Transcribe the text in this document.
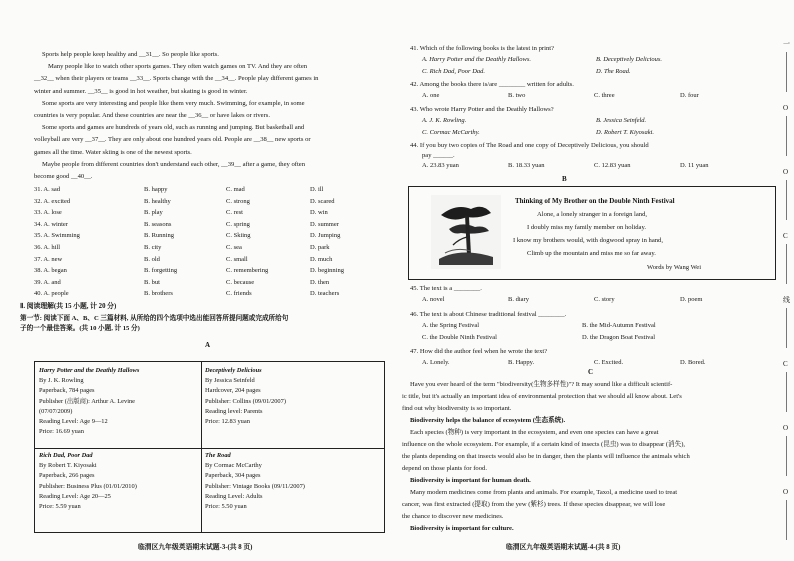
Sports help people keep healthy and __31__. So people like sports.
Many people like to watch other sports games. They often watch games on TV. And they are often
__32__ when their players or teams __33__. Sports change with the __34__. People play different games in
winter and summer. __35__ is good in hot weather, but skating is good in winter.
Some sports are very interesting and people like them very much. Swimming, for example, in some
countries is very popular. And these countries are near the __36__ or have lakes or rivers.
Some sports and games are hundreds of years old, such as running and jumping. But basketball and
volleyball are very __37__. They are only about one hundred years old. People are __38__ new sports or
games all the time. Water skiing is one of the newest sports.
Maybe people from different countries don't understand each other, __39__ after a game, they often
become good __40__.
31. A. sad	B. happy	C. mad	D. ill
32. A. excited	B. healthy	C. strong	D. scared
33. A. lose	B. play	C. rest	D. win
34. A. winter	B. seasons	C. spring	D. summer
35. A. Swimming	B. Running	C. Skiing	D. Jumping
36. A. hill	B. city	C. sea	D. park
37. A. new	B. old	C. small	D. much
38. A. began	B. forgetting	C. remembering	D. beginning
39. A. and	B. but	C. because	D. then
40. A. people	B. brothers	C. friends	D. teachers
Ⅱ. 阅读理解(共 15 小题, 计 20 分)
第一节: 阅读下面 A、B、C 三篇材料, 从所给的四个选项中选出能回答所提问题或完成所给句
子的一个最佳答案。(共 10 小题, 计 15 分)
A
Harry Potter and the Deathly Hallows
By J. K. Rowling
Paperback, 784 pages
Publisher (出版商): Arthur A. Levine
(07/07/2009)
Reading Level: Age 9—12
Price: 16.69 yuan
Deceptively Delicious
By Jessica Seinfeld
Hardcover, 204 pages
Publisher: Collins (09/01/2007)
Reading level: Parents
Price: 12.83 yuan
Rich Dad, Poor Dad
By Robert T. Kiyosaki
Paperback, 266 pages
Publisher: Business Plus (01/01/2010)
Reading Level: Age 20—25
Price: 5.59 yuan
The Road
By Cormac McCarthy
Paperback, 304 pages
Publisher: Vintage Books (09/11/2007)
Reading Level: Adults
Price: 5.50 yuan
临渭区九年级英语期末试题-3-(共 8 页)
41. Which of the following books is the latest in print?
A. Harry Potter and the Deathly Hallows.	B. Deceptively Delicious.
C. Rich Dad, Poor Dad.	D. The Road.
42. Among the books there is/are ________ written for adults.
A. one	B. two	C. three	D. four
43. Who wrote Harry Potter and the Deathly Hallows?
A. J. K. Rowling.	B. Jessica Seinfeld.
C. Cormac McCarthy.	D. Robert T. Kiyosaki.
44. If you buy two copies of The Road and one copy of Deceptively Delicious, you should
pay ______.
A. 23.83 yuan	B. 18.33 yuan	C. 12.83 yuan	D. 11 yuan
B
Thinking of My Brother on the Double Ninth Festival
Alone, a lonely stranger in a foreign land,
I doubly miss my family member on holiday.
I know my brothers would, with dogwood spray in hand,
Climb up the mountain and miss me so far away.
Words by Wang Wei
45. The text is a ________.
A. novel	B. diary	C. story	D. poem
46. The text is about Chinese traditional festival ________.
A. the Spring Festival	B. the Mid-Autumn Festival
C. the Double Ninth Festival	D. the Dragon Boat Festival
47. How did the author feel when he wrote the text?
A. Lonely.	B. Happy.	C. Excited.	D. Bored.
C
Have you ever heard of the term "biodiversity(生物多样性)"? It may sound like a difficult scientif-
ic title, but it's actually an important idea of environmental protection that we should all know about. Let's
find out why biodiversity is so important.
Biodiversity helps the balance of ecosystem (生态系统).
Each species (物种) is very important in the ecosystem, and even one species can have a great
influence on the whole ecosystem. For example, if a certain kind of insects (昆虫) was to disappear (消失),
the plants depending on that insects would also be in danger, then the plants will influence the animals which
depend on those plants for food.
Biodiversity is important for human death.
Many modern medicines come from plants and animals. For example, Taxol, a medicine used to treat
cancer, was first extracted (提取) from the yew (紫杉) trees. If these species disappear, we will lose
the chance to discover new medicines.
Biodiversity is important for culture.
临渭区九年级英语期末试题-4-(共 8 页)
一
O
O
C
线
C
O
O
